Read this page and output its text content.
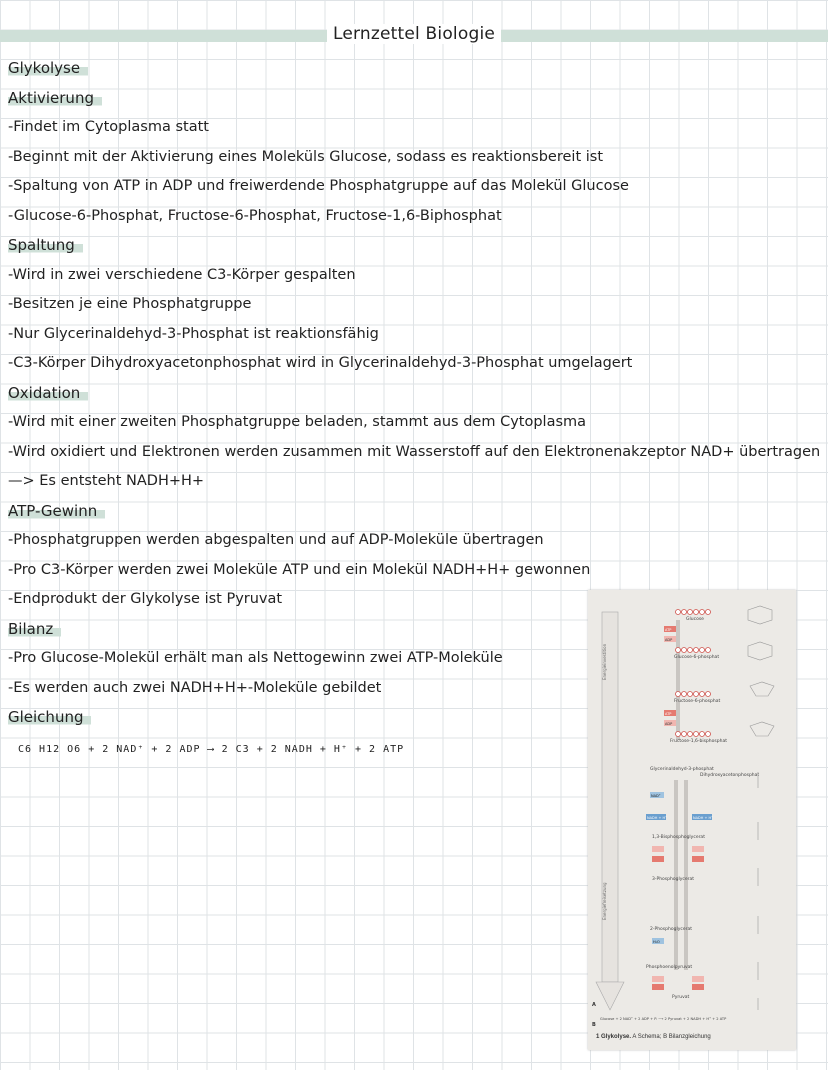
Lernzettel Biologie
Glykolyse
Aktivierung
-Findet im Cytoplasma statt
-Beginnt mit der Aktivierung eines Moleküls Glucose, sodass es reaktionsbereit ist
-Spaltung von ATP in ADP und freiwerdende Phosphatgruppe auf das Molekül Glucose
-Glucose-6-Phosphat, Fructose-6-Phosphat, Fructose-1,6-Biphosphat
Spaltung
-Wird in zwei verschiedene C3-Körper gespalten
-Besitzen je eine Phosphatgruppe
-Nur Glycerinaldehyd-3-Phosphat ist reaktionsfähig
-C3-Körper Dihydroxyacetonphosphat wird in Glycerinaldehyd-3-Phosphat umgelagert
Oxidation
-Wird mit einer zweiten Phosphatgruppe beladen, stammt aus dem Cytoplasma
-Wird oxidiert und Elektronen werden zusammen mit Wasserstoff auf den Elektronenakzeptor NAD+ übertragen
—> Es entsteht NADH+H+
ATP-Gewinn
-Phosphatgruppen werden abgespalten und auf ADP-Moleküle übertragen
-Pro C3-Körper werden zwei Moleküle ATP und ein Molekül NADH+H+ gewonnen
-Endprodukt der Glykolyse ist Pyruvat
Bilanz
-Pro Glucose-Molekül erhält man als Nettogewinn zwei ATP-Moleküle
-Es werden auch zwei NADH+H+-Moleküle gebildet
Gleichung
C6 H12 O6 + 2 NAD⁺ + 2 ADP ⟶ 2 C3 + 2 NADH + H⁺ + 2 ATP
Energieinvestition
Energiefreisetzung
Glucose
Glucose-6-phosphat
Fructose-6-phosphat
Fructose-1,6-bisphosphat
Glycerinaldehyd-3-phosphat
Dihydroxyacetonphosphat
1,3-Bisphosphoglycerat
3-Phosphoglycerat
2-Phosphoglycerat
Phosphoenolpyruvat
Pyruvat
ATP
ADP
ATP
ADP
NAD⁺
NADH + H⁺	NADH + H⁺
H₂O
A
B
Glucose + 2 NAD⁺ + 2 ADP + Pᵢ ⟶ 2 Pyruvat + 2 NADH + H⁺ + 2 ATP
1 Glykolyse. A Schema; B Bilanzgleichung
